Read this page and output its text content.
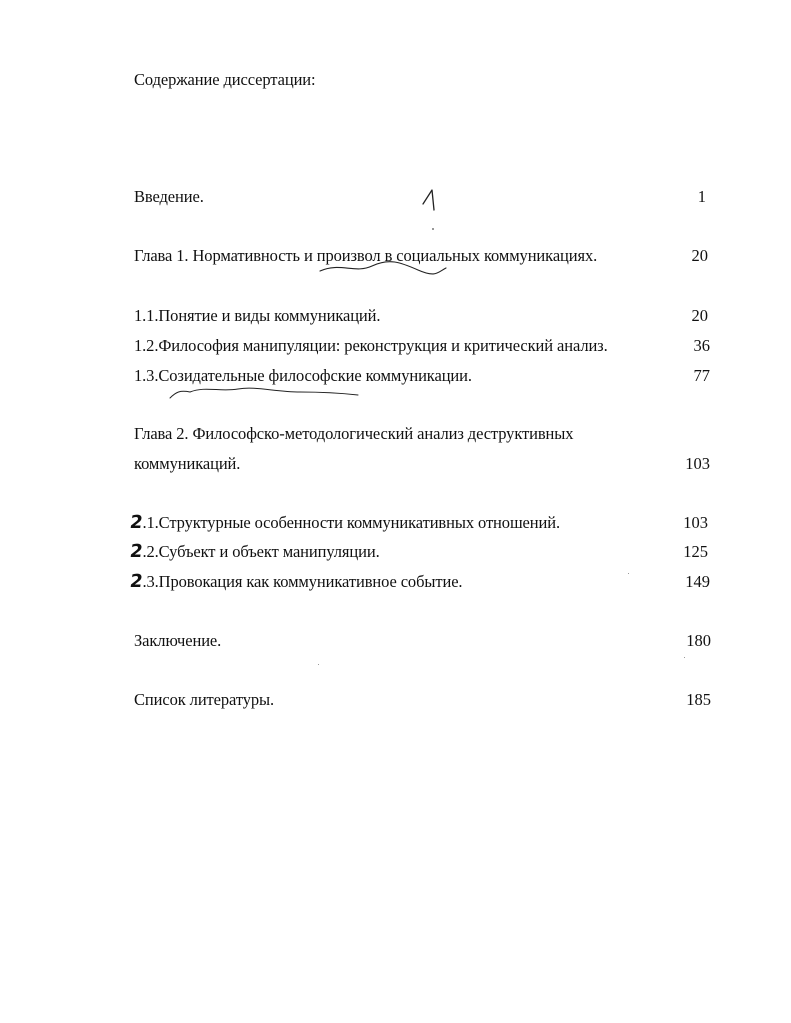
Содержание диссертации:
Введение.	1
Глава 1. Нормативность и произвол в социальных коммуникациях.	20
1.1.Понятие и виды коммуникаций.	20
1.2.Философия манипуляции: реконструкция и критический анализ.	36
1.3.Созидательные философские коммуникации.	77
Глава 2. Философско-методологический анализ деструктивных
коммуникаций.	103
2.1.Структурные особенности коммуникативных отношений.	103
2.2.Субъект и объект манипуляции.	125
2.3.Провокация как коммуникативное событие.	149
Заключение.	180
Список литературы.	185
